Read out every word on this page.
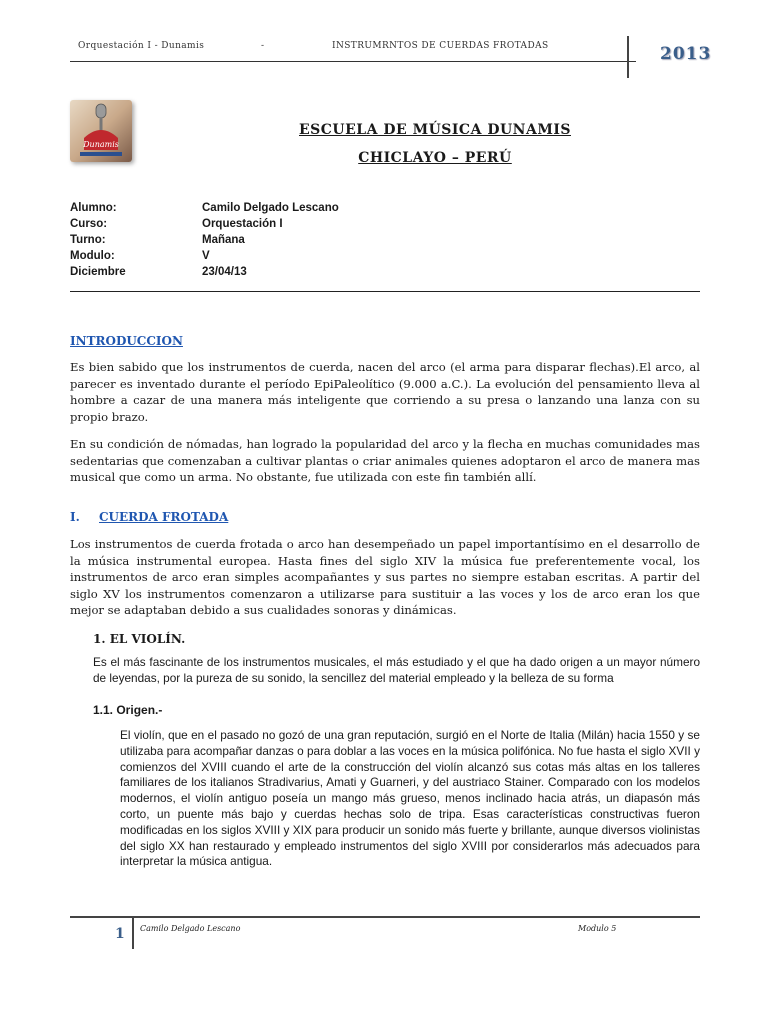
Orquestación I - Dunamis	-	INSTRUMRNTOS DE CUERDAS FROTADAS	2013
Dunamis
ESCUELA DE MÚSICA DUNAMIS
CHICLAYO – PERÚ
Alumno:	Camilo Delgado Lescano
Curso:	Orquestación I
Turno:	Mañana
Modulo:	V
Diciembre	23/04/13
INTRODUCCION
Es bien sabido que los instrumentos de cuerda, nacen del arco (el arma para disparar flechas).El arco, al parecer es inventado durante el período EpiPaleolítico (9.000 a.C.). La evolución del pensamiento lleva al hombre a cazar de una manera más inteligente que corriendo a su presa o lanzando una lanza con su propio brazo.
En su condición de nómadas, han logrado la popularidad del arco y la flecha en muchas comunidades mas sedentarias que comenzaban a cultivar plantas o criar animales quienes adoptaron el arco de manera mas musical que como un arma. No obstante, fue utilizada con este fin también allí.
I. CUERDA FROTADA
Los instrumentos de cuerda frotada o arco han desempeñado un papel importantísimo en el desarrollo de la música instrumental europea. Hasta fines del siglo XIV la música fue preferentemente vocal, los instrumentos de arco eran simples acompañantes y sus partes no siempre estaban escritas. A partir del siglo XV los instrumentos comenzaron a utilizarse para sustituir a las voces y los de arco eran los que mejor se adaptaban debido a sus cualidades sonoras y dinámicas.
1. EL VIOLÍN.
Es el más fascinante de los instrumentos musicales, el más estudiado y el que ha dado origen a un mayor número de leyendas, por la pureza de su sonido, la sencillez del material empleado y la belleza de su forma
1.1. Origen.-
El violín, que en el pasado no gozó de una gran reputación, surgió en el Norte de Italia (Milán) hacia 1550 y se utilizaba para acompañar danzas o para doblar a las voces en la música polifónica. No fue hasta el siglo XVII y comienzos del XVIII cuando el arte de la construcción del violín alcanzó sus cotas más altas en los talleres familiares de los italianos Stradivarius, Amati y Guarneri, y del austriaco Stainer. Comparado con los modelos modernos, el violín antiguo poseía un mango más grueso, menos inclinado hacia atrás, un diapasón más corto, un puente más bajo y cuerdas hechas solo de tripa. Esas características constructivas fueron modificadas en los siglos XVIII y XIX para producir un sonido más fuerte y brillante, aunque diversos violinistas del siglo XX han restaurado y empleado instrumentos del siglo XVIII por considerarlos más adecuados para interpretar la música antigua.
1 Camilo Delgado Lescano	Modulo 5
